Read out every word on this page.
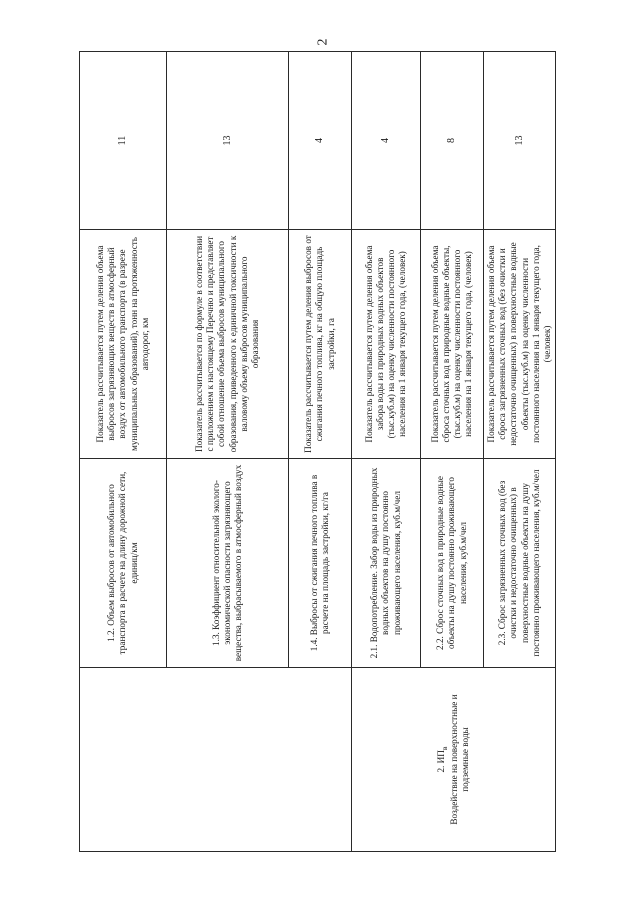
2
	1.2. Объем выбросов от автомобильного транспорта в расчете на длину дорожной сети, единиц/км	Показатель рассчитывается путем деления объема выбросов загрязняющих веществ в атмосферный воздух от автомобильного транспорта (в разрезе муниципальных образований), тонн на протяженность автодорог, км	11
	1.3. Коэффициент относительной эколого-экономической опасности загрязняющего вещества, выбрасываемого в атмосферный воздух	Показатель рассчитывается по формуле в соответствии с приложением к настоящему Перечню и представляет собой отношение объема выбросов муниципального образования, приведенного к единичной токсичности к валовому объему выбросов муниципального образования	13
	1.4. Выбросы от сжигания печного топлива в расчете на площадь застройки, кг/га	Показатель рассчитывается путем деления выбросов от сжигания печного топлива, кг на общую площадь застройки, га	4

2. $ИП_в$ Воздействие на поверхностные и подземные воды	2.1. Водопотребление. Забор воды из природных водных объектов на душу постоянно проживающего населения, куб.м/чел	Показатель рассчитывается путем деления объема забора воды из природных водных объектов (тыс.куб.м) на оценку численности постоянного населения на 1 января текущего года, (человек)	4
	2.2. Сброс сточных вод в природные водные объекты на душу постоянно проживающего населения, куб.м/чел	Показатель рассчитывается путем деления объема сброса сточных вод в природные водные объекты, (тыс.куб.м) на оценку численности постоянного населения на 1 января текущего года, (человек)	8
	2.3. Сброс загрязненных сточных вод (без очистки и недостаточно очищенных) в поверхностные водные объекты на душу постоянно проживающего населения, куб.м/чел	Показатель рассчитывается путем деления объема сброса загрязненных сточных вод (без очистки и недостаточно очищенных) в поверхностные водные объекты (тыс.куб.м) на оценку численности постоянного населения на 1 января текущего года, (человек)	13
